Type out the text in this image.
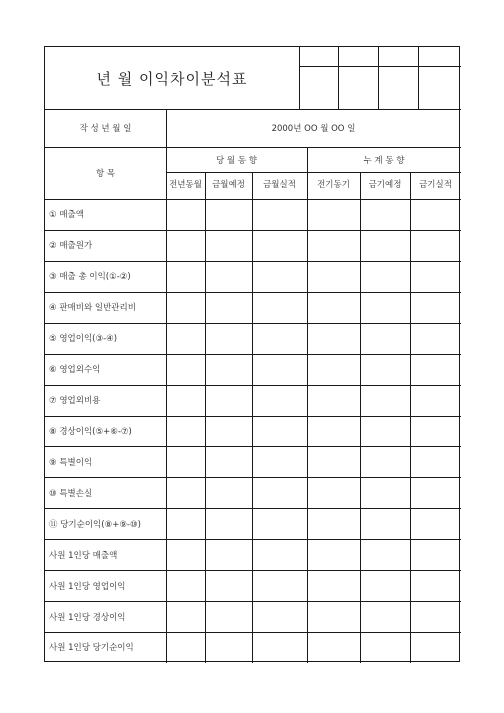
년 월 이익차이분석표
작 성 년 월 일	2000년 OO 월 OO 일
항 목
당 월 동 향	누 계 동 향
전년동월	금월예정	금월실적	전기동기	금기예정	금기실적
① 매출액
② 매출원가
③ 매출 총 이익(①-②)
④ 판매비와 일반관리비
⑤ 영업이익(③-④)
⑥ 영업외수익
⑦ 영업외비용
⑧ 경상이익(⑤+⑥-⑦)
⑨ 특별이익
⑩ 특별손실
⑪ 당기순이익(⑧+⑨-⑩)
사원 1인당 매출액
사원 1인당 영업이익
사원 1인당 경상이익
사원 1인당 당기순이익
